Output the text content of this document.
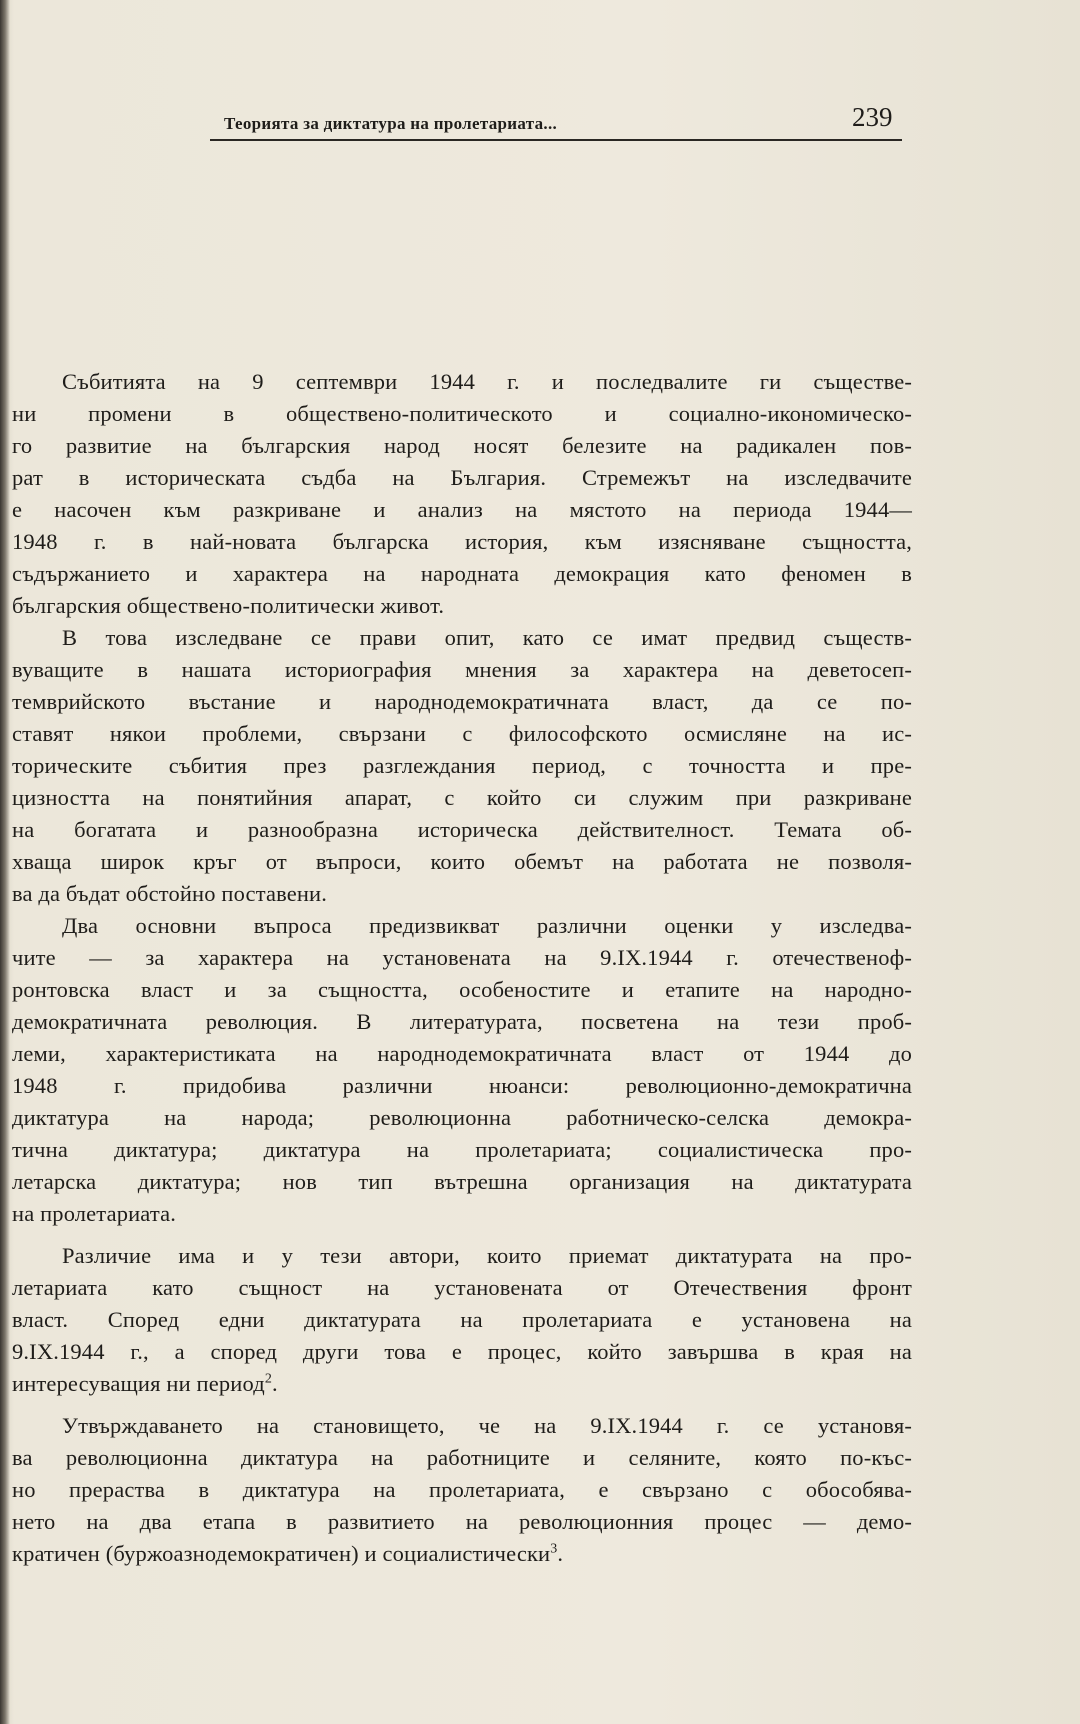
Теорията за диктатура на пролетариата...	239
Събитията на 9 септември 1944 г. и последвалите ги съществе-
ни промени в обществено-политическото и социално-икономическо-
го развитие на българския народ носят белезите на радикален пов-
рат в историческата съдба на България. Стремежът на изследвачите
е насочен към разкриване и анализ на мястото на периода 1944—
1948 г. в най-новата българска история, към изясняване същността,
съдържанието и характера на народната демокрация като феномен в
българския обществено-политически живот.
В това изследване се прави опит, като се имат предвид съществ-
вуващите в нашата историография мнения за характера на деветосеп-
темврийското въстание и народнодемократичната власт, да се по-
ставят някои проблеми, свързани с философското осмисляне на ис-
торическите събития през разглеждания период, с точността и пре-
цизността на понятийния апарат, с който си служим при разкриване
на богатата и разнообразна историческа действителност. Темата об-
хваща широк кръг от въпроси, които обемът на работата не позволя-
ва да бъдат обстойно поставени.
Два основни въпроса предизвикват различни оценки у изследва-
чите — за характера на установената на 9.IX.1944 г. отечественоф-
ронтовска власт и за същността, особеностите и етапите на народно-
демократичната революция. В литературата, посветена на тези проб-
леми, характеристиката на народнодемократичната власт от 1944 до
1948 г. придобива различни нюанси: революционно-демократична
диктатура на народа; революционна работническо-селска демокра-
тична диктатура; диктатура на пролетариата; социалистическа про-
летарска диктатура; нов тип вътрешна организация на диктатурата
на пролетариата.
Различие има и у тези автори, които приемат диктатурата на про-
летариата като същност на установената от Отечествения фронт
власт. Според едни диктатурата на пролетариата е установена на
9.IX.1944 г., а според други това е процес, който завършва в края на
интересуващия ни период$^2$.
Утвърждаването на становището, че на 9.IX.1944 г. се установя-
ва революционна диктатура на работниците и селяните, която по-къс-
но прераства в диктатура на пролетариата, е свързано с обособява-
нето на два етапа в развитието на революционния процес — демо-
кратичен (буржоазнодемократичен) и социалистически$^3$.
